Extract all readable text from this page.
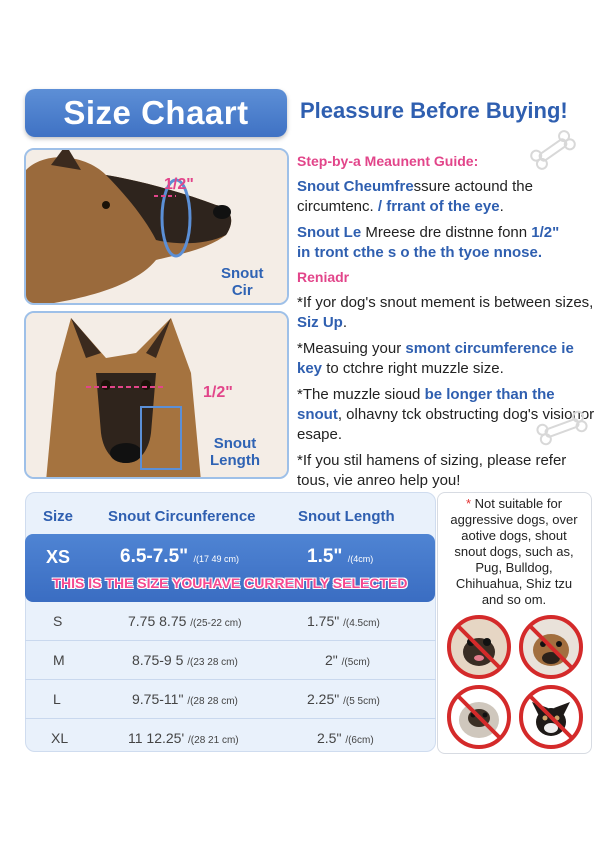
Size Chaart Pleassure Before Buying!
1/2"
Snout
Cir
1/2"
Snout
Length
Step-by-a Meaunent Guide:
Snout Cheumfressure actound the
circumtenc. / frrant of the eye.
Snout Le Mreese dre distnne fonn 1/2"
in tront cthe s o the th tyoe nnose.
Reniadr
*If yor dog's snout mement is between sizes, Siz Up.
*Measuing your smont circumference ie key to ctchre right muzzle size.
*The muzzle sioud be longer than the snout, olhavny tck obstructing dog's visionor esape.
*If you stil hamens of sizing, please refer tous, vie anreo help you!
Size Snout Circunference	Snout Length
XS	6.5-7.5" /(17 49 cm)	1.5" /(4cm)
THIS IS THE SIZE YOUHAVE CURRENTLY SELECTED
S	7.75 8.75 /(25-22 cm)	1.75" /(4.5cm)
M	8.75-9 5 /(23 28 cm)	2" /(5cm)
L	9.75-11" /(28 28 cm)	2.25" /(5 5cm)
XL	11 12.25' /(28 21 cm)	2.5" /(6cm)
* Not suitable for aggressive dogs, over aotive dogs, shout snout dogs, such as, Pug, Bulldog, Chihuahua, Shiz tzu and so om.
